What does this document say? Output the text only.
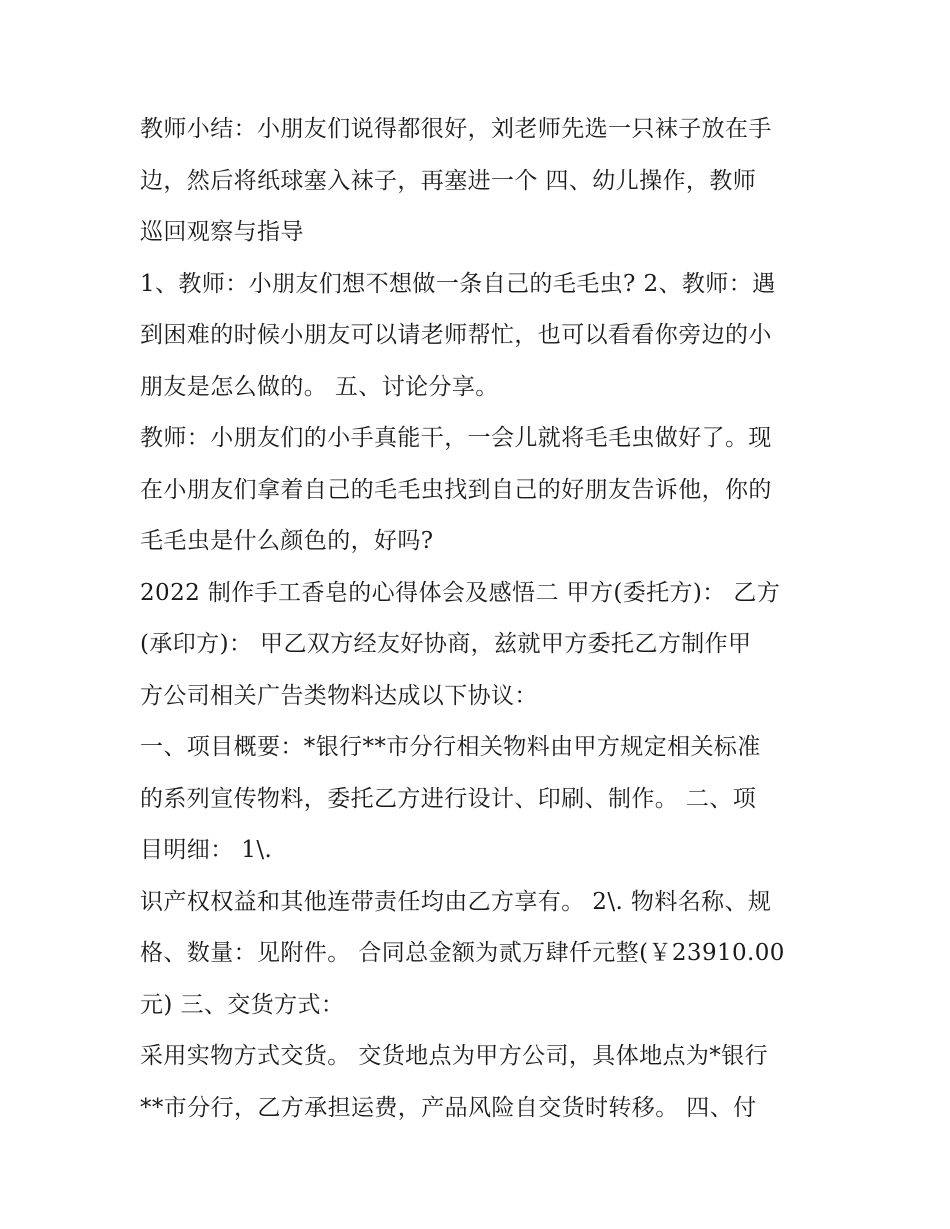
教师小结：小朋友们说得都很好，刘老师先选一只袜子放在手
边，然后将纸球塞入袜子，再塞进一个 四、幼儿操作，教师
巡回观察与指导
1、教师：小朋友们想不想做一条自己的毛毛虫? 2、教师：遇
到困难的时候小朋友可以请老师帮忙，也可以看看你旁边的小
朋友是怎么做的。 五、讨论分享。
教师：小朋友们的小手真能干，一会儿就将毛毛虫做好了。现
在小朋友们拿着自己的毛毛虫找到自己的好朋友告诉他，你的
毛毛虫是什么颜色的，好吗?
2022 制作手工香皂的心得体会及感悟二 甲方(委托方)： 乙方
(承印方)： 甲乙双方经友好协商，兹就甲方委托乙方制作甲
方公司相关广告类物料达成以下协议：
一、项目概要：*银行**市分行相关物料由甲方规定相关标准
的系列宣传物料，委托乙方进行设计、印刷、制作。 二、项
目明细： 1\.
识产权权益和其他连带责任均由乙方享有。 2\. 物料名称、规
格、数量：见附件。 合同总金额为贰万肆仟元整(￥23910.00
元) 三、交货方式：
采用实物方式交货。 交货地点为甲方公司，具体地点为*银行
**市分行，乙方承担运费，产品风险自交货时转移。 四、付
